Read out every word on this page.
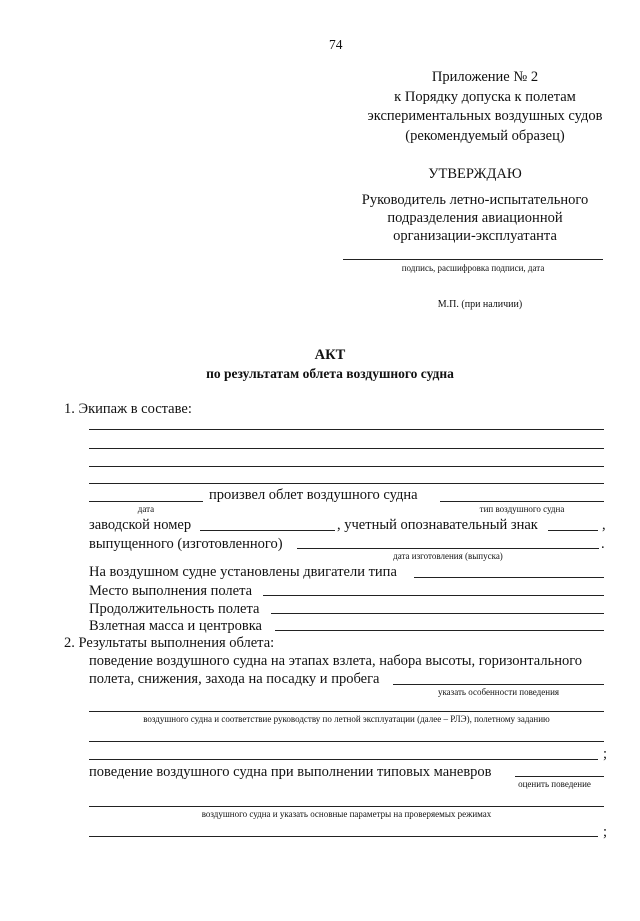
74
Приложение № 2
к Порядку допуска к полетам
экспериментальных воздушных судов
(рекомендуемый образец)
УТВЕРЖДАЮ
Руководитель летно-испытательного
подразделения авиационной
организации-эксплуатанта
подпись, расшифровка подписи, дата
М.П. (при наличии)
АКТ
по результатам облета воздушного судна
1. Экипаж в составе:
произвел облет воздушного судна
дата	тип воздушного судна
заводской номер	, учетный опознавательный знак	,
выпущенного (изготовленного)	.
дата изготовления (выпуска)
На воздушном судне установлены двигатели типа
Место выполнения полета
Продолжительность полета
Взлетная масса и центровка
2. Результаты выполнения облета:
поведение воздушного судна на этапах взлета, набора высоты, горизонтального
полета, снижения, захода на посадку и пробега
указать особенности поведения
воздушного судна и соответствие руководству по летной эксплуатации (далее – РЛЭ), полетному заданию
;
поведение воздушного судна при выполнении типовых маневров
оценить поведение
воздушного судна и указать основные параметры на проверяемых режимах
;
